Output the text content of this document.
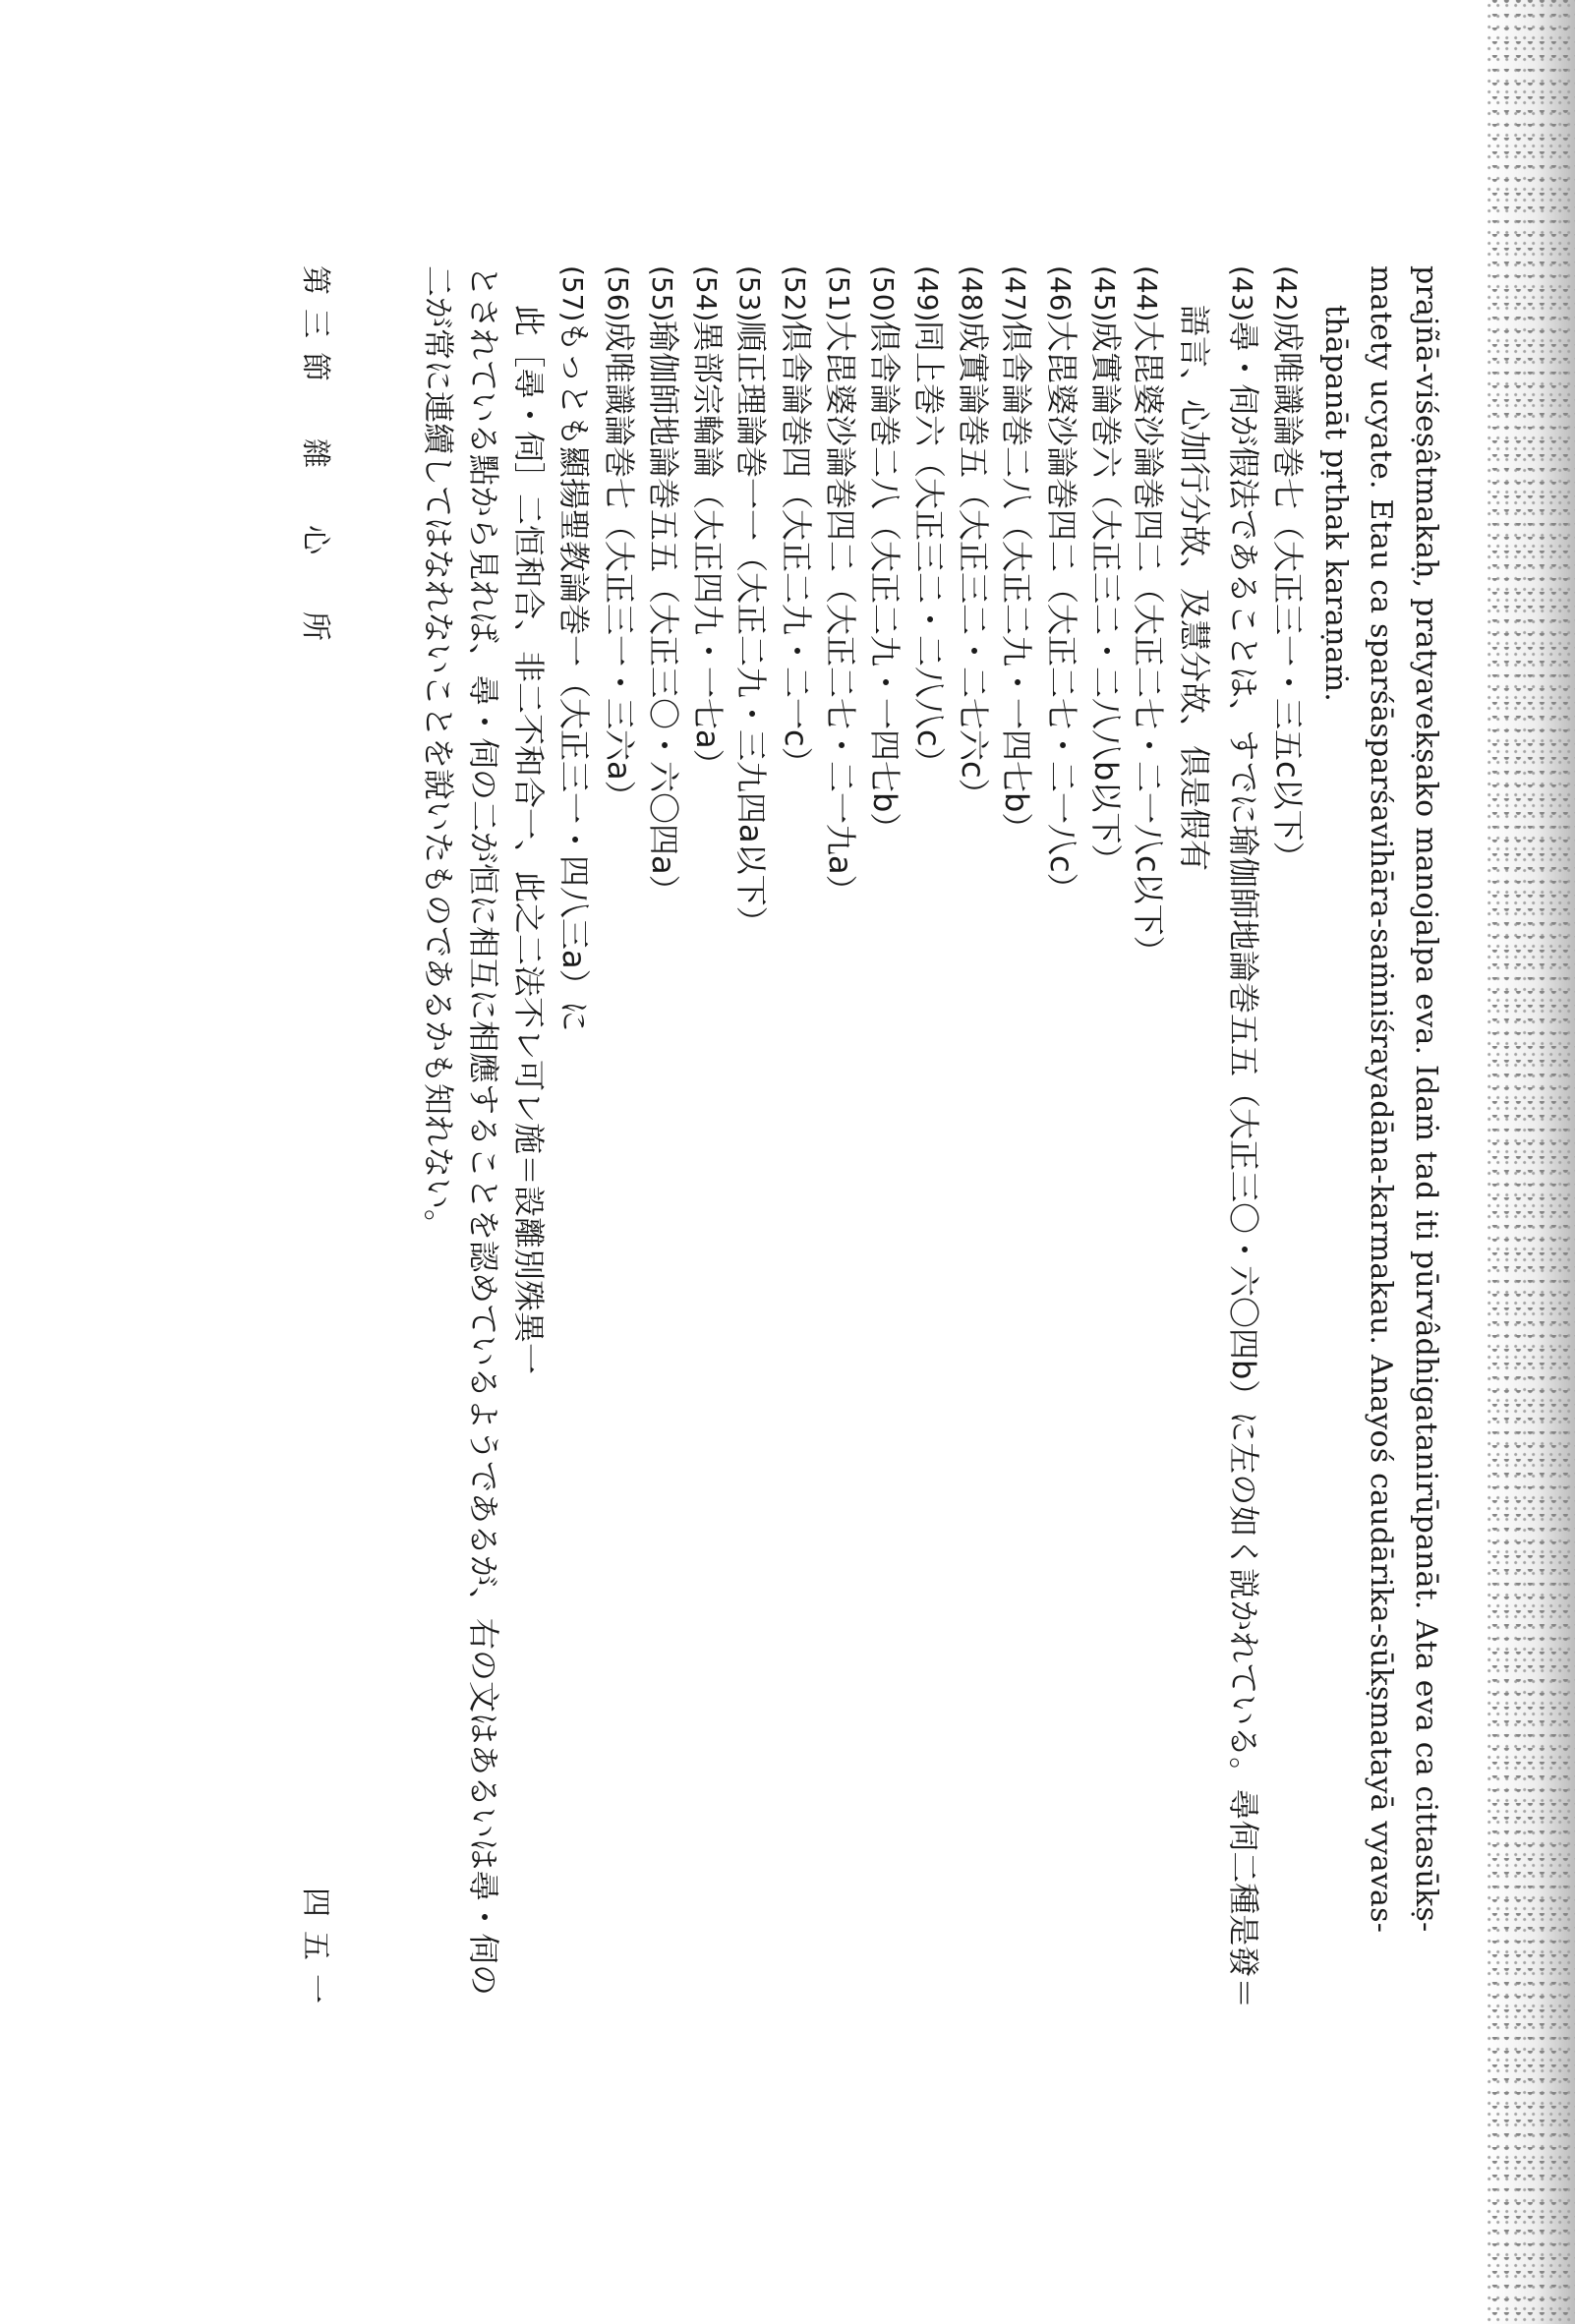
prajñā-viśeṣâtmakaḥ, pratyavekṣako manojalpa eva. Idaṁ tad iti pūrvâdhigatanirūpanāt. Ata eva ca cittasūkṣ-
matety ucyate. Etau ca sparśāsparśavihāra-saṁniśrayadāna-karmakau. Anayoś caudārika-sūkṣmatayā vyavas-
thāpanāt pṛthak karaṇaṁ.
(42)成唯識論巻七（大正三一・三五c以下）
(43)尋・伺が假法であることは、すでに瑜伽師地論巻五五（大正三〇・六〇四b）に左の如く説かれている。尋伺二種是發＝
語言、心加行分故、及慧分故、倶是假有
(44)大毘婆沙論巻四二（大正二七・二一八c以下）
(45)成實論巻六（大正三二・二八八b以下）
(46)大毘婆沙論巻四二（大正二七・二一八c）
(47)倶舎論巻二八（大正二九・一四七b）
(48)成實論巻五（大正三二・二七六c）
(49)同上巻六（大正三二・二八八c）
(50)倶舎論巻二八（大正二九・一四七b）
(51)大毘婆沙論巻四二（大正二七・二一九a）
(52)倶舎論巻四（大正二九・二一c）
(53)順正理論巻一一（大正二九・三九四a以下）
(54)異部宗輪論（大正四九・一七a）
(55)瑜伽師地論巻五五（大正三〇・六〇四a）
(56)成唯識論巻七（大正三一・三六a）
(57)もっとも顯揚聖教論巻一（大正三一・四八三a）に
此［尋・伺］二恒和合、非二不和合一、此之二法不レ可レ施＝設離別殊異一
とされている點から見れば、尋・伺の二が恒に相互に相應することを認めているようであるが、右の文はあるいは尋・伺の
二が常に連續してはなれないことを說いたものであるかも知れない。
第三節　雜　心　所
四五一
